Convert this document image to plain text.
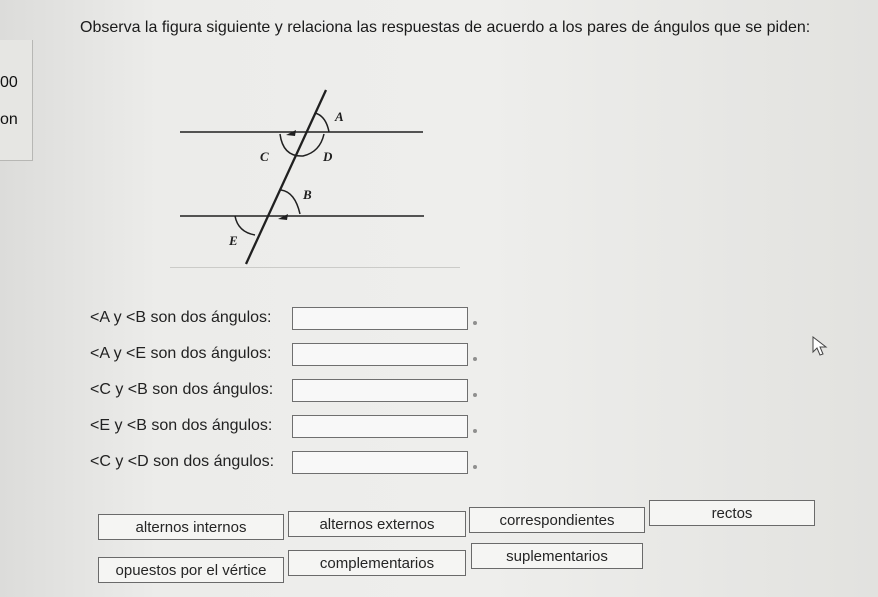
00
on
Observa la figura siguiente y relaciona las respuestas de acuerdo a los pares de ángulos que se piden:
A
B
C	D
E
<A y <B son dos ángulos:
<A y <E son dos ángulos:
<C y <B son dos ángulos:
<E y <B son dos ángulos:
<C y <D son dos ángulos:
alternos internos	alternos externos	correspondientes	rectos
opuestos por el vértice	complementarios	suplementarios
